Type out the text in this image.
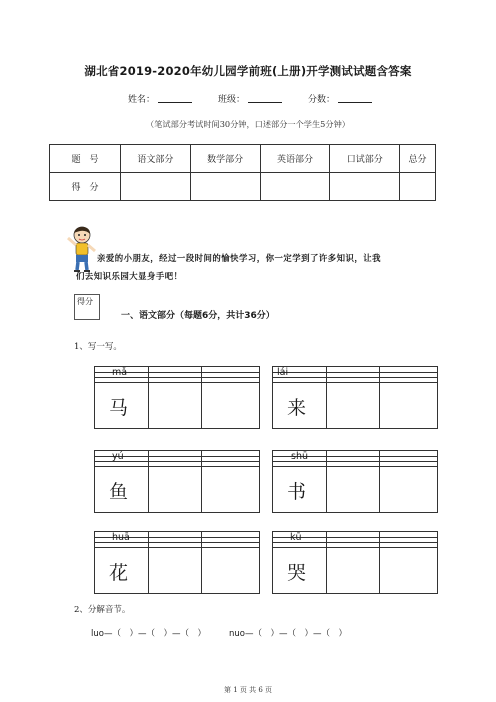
湖北省2019-2020年幼儿园学前班(上册)开学测试试题含答案
姓名：	班级：	分数：
（笔试部分考试时间30分钟，口述部分一个学生5分钟）
题　号	语文部分	数学部分	英语部分	口试部分	总分
得　分					
亲爱的小朋友，经过一段时间的愉快学习，你一定学到了许多知识，让我
们去知识乐园大显身手吧！
得分
一、语文部分（每题6分，共计36分）
1、写一写。
mǎ
马
lái
来
yú
鱼
shū
书
huā
花
kū
哭
2、分解音节。
luo—（　）—（　）—（　）	nuo—（　）—（　）—（　）
第 1 页 共 6 页
